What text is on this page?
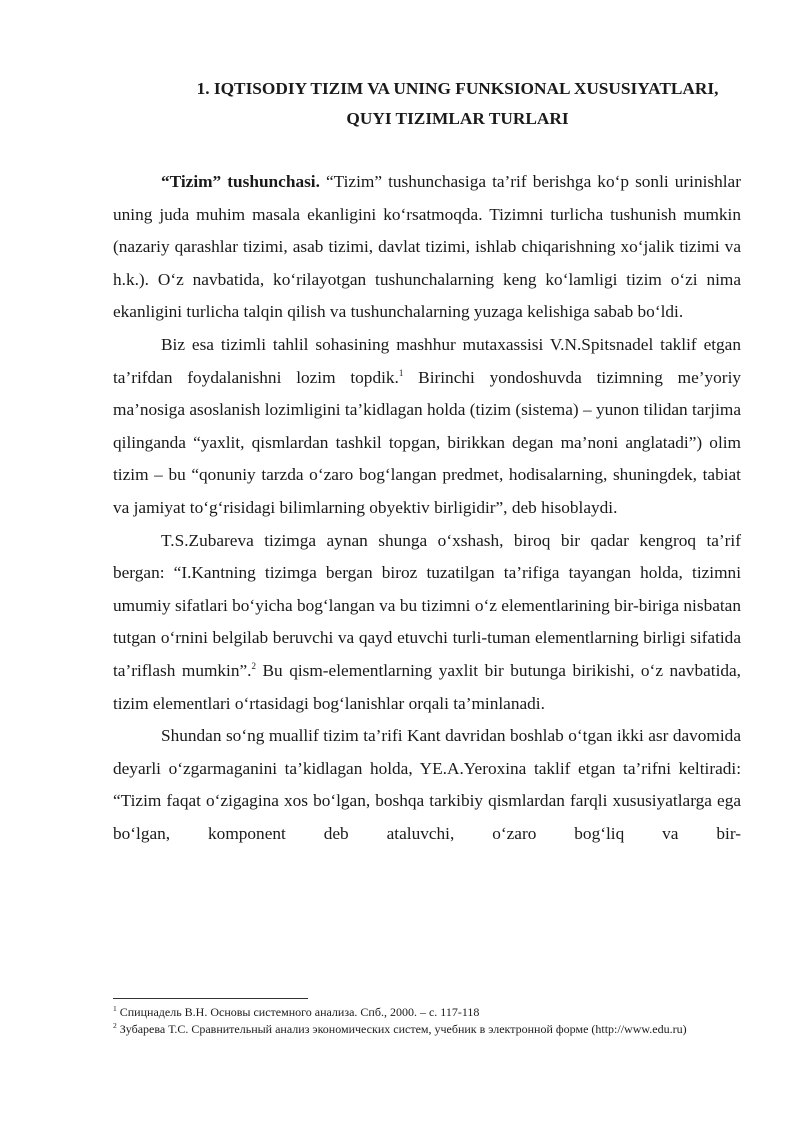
1. IQTISODIY TIZIM VA UNING FUNKSIONAL XUSUSIYATLARI,
QUYI TIZIMLAR TURLARI

“Tizim” tushunchasi. “Tizim” tushunchasiga ta’rif berishga ko‘p sonli urinishlar uning juda muhim masala ekanligini ko‘rsatmoqda. Tizimni turlicha tushunish mumkin (nazariy qarashlar tizimi, asab tizimi, davlat tizimi, ishlab chiqarishning xo‘jalik tizimi va h.k.). O‘z navbatida, ko‘rilayotgan tushunchalarning keng ko‘lamligi tizim o‘zi nima ekanligini turlicha talqin qilish va tushunchalarning yuzaga kelishiga sabab bo‘ldi.

Biz esa tizimli tahlil sohasining mashhur mutaxassisi V.N.Spitsnadel taklif etgan ta’rifdan foydalanishni lozim topdik.$^1$ Birinchi yondoshuvda tizimning me’yoriy ma’nosiga asoslanish lozimligini ta’kidlagan holda (tizim (sistema) – yunon tilidan tarjima qilinganda “yaxlit, qismlardan tashkil topgan, birikkan degan ma’noni anglatadi”) olim tizim – bu “qonuniy tarzda o‘zaro bog‘langan predmet, hodisalarning, shuningdek, tabiat va jamiyat to‘g‘risidagi bilimlarning obyektiv birligidir”, deb hisoblaydi.

T.S.Zubareva tizimga aynan shunga o‘xshash, biroq bir qadar kengroq ta’rif bergan: “I.Kantning tizimga bergan biroz tuzatilgan ta’rifiga tayangan holda, tizimni umumiy sifatlari bo‘yicha bog‘langan va bu tizimni o‘z elementlarining bir-biriga nisbatan tutgan o‘rnini belgilab beruvchi va qayd etuvchi turli-tuman elementlarning birligi sifatida ta’riflash mumkin”.$^2$ Bu qism-elementlarning yaxlit bir butunga birikishi, o‘z navbatida, tizim elementlari o‘rtasidagi bog‘lanishlar orqali ta’minlanadi.

Shundan so‘ng muallif tizim ta’rifi Kant davridan boshlab o‘tgan ikki asr davomida deyarli o‘zgarmaganini ta’kidlagan holda, YE.A.Yeroxina taklif etgan ta’rifni keltiradi: “Tizim faqat o‘zigagina xos bo‘lgan, boshqa tarkibiy qismlardan farqli xususiyatlarga ega bo‘lgan, komponent deb ataluvchi, o‘zaro bog‘liq va bir-

$^1$ Спицнадель В.Н. Основы системного анализа. Спб., 2000. – с. 117-118

$^2$ Зубарева Т.С. Сравнительный анализ экономических систем, учебник в электронной форме (http://www.edu.ru)
